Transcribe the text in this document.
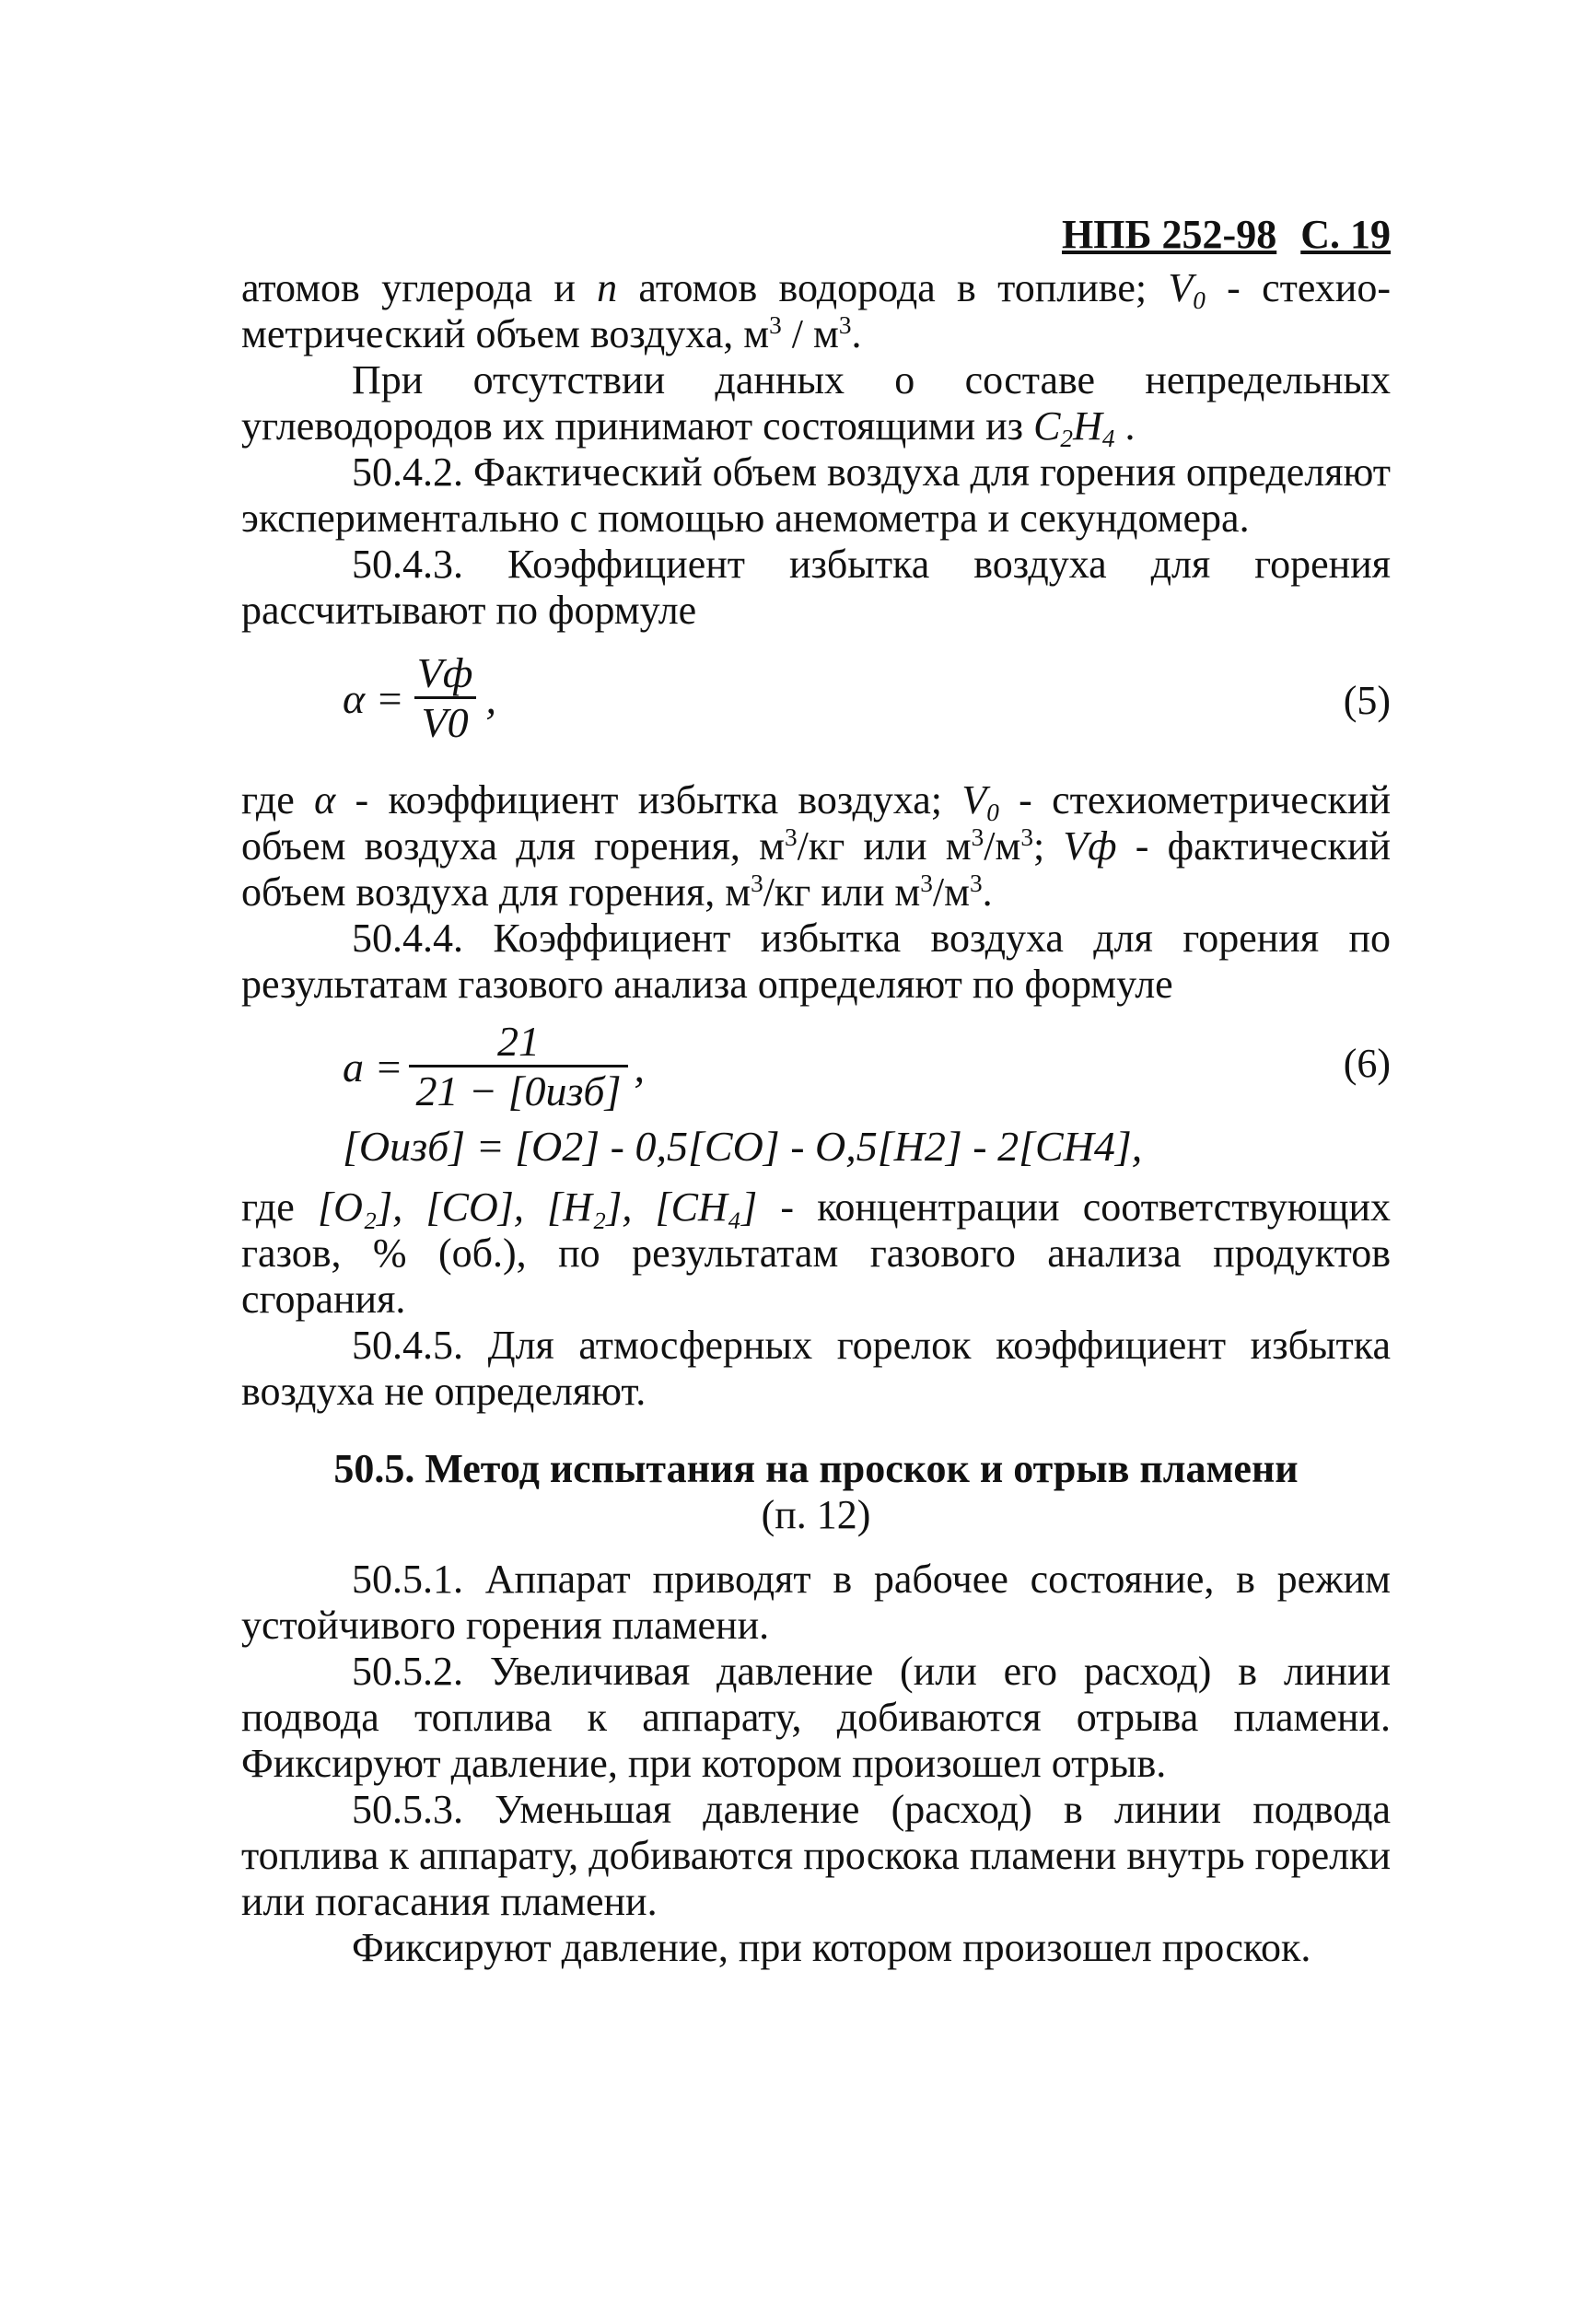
НПБ 252-98 С. 19

атомов углерода и n атомов водорода в топливе; $V_0$ - стехио-метрический объем воздуха, $м^3 / м^3$.

При отсутствии данных о составе непредельных углеводородов их принимают состоящими из $C_2H_4$ .

50.4.2. Фактический объем воздуха для горения определяют экспериментально с помощью анемометра и секундомера.

50.4.3. Коэффициент избытка воздуха для горения рассчитывают по формуле

$\alpha = \frac{Vф}{V0}$ ,	(5)

где α - коэффициент избытка воздуха; $V_0$ - стехиометрический объем воздуха для горения, $м^3/кг$ или $м^3/м^3$; Vф - фактический объем воздуха для горения, $м^3/кг$ или $м^3/м^3$.

50.4.4. Коэффициент избытка воздуха для горения по результатам газового анализа определяют по формуле

$a = \frac{21}{\text{21 − [0изб]}}$ ,	(6)
[Oизб] = [O2] - 0,5[CO] - O,5[H2] - 2[CH4],

где [O₂], [CO], [H₂], [CH₄] - концентрации соответствующих газов, % (об.), по результатам газового анализа продуктов сгорания.

50.4.5. Для атмосферных горелок коэффициент избытка воздуха не определяют.

50.5. Метод испытания на проскок и отрыв пламени
(п. 12)

50.5.1. Аппарат приводят в рабочее состояние, в режим устойчивого горения пламени.

50.5.2. Увеличивая давление (или его расход) в линии подвода топлива к аппарату, добиваются отрыва пламени. Фиксируют давление, при котором произошел отрыв.

50.5.3. Уменьшая давление (расход) в линии подвода топлива к аппарату, добиваются проскока пламени внутрь горелки или погасания пламени.

Фиксируют давление, при котором произошел проскок.
